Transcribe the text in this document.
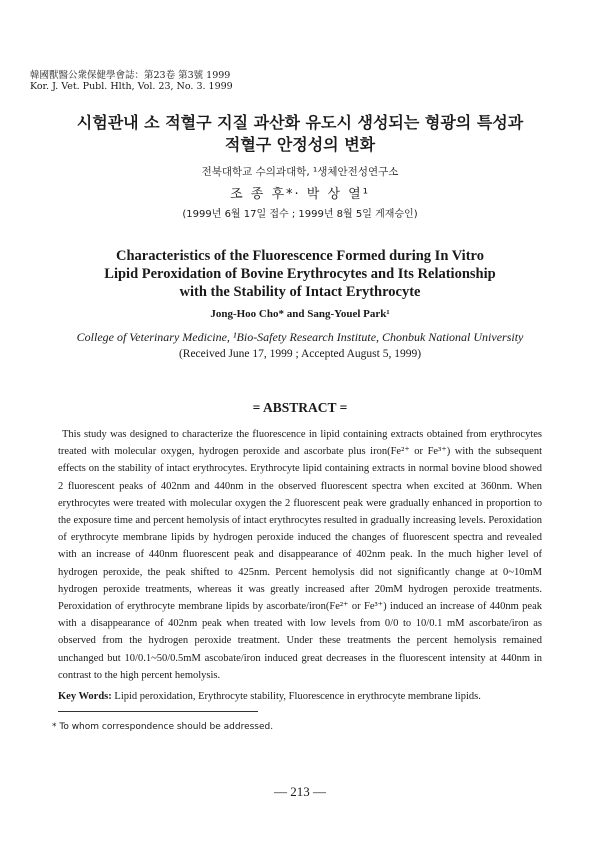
韓國獸醫公衆保健學會誌：第23卷 第3號 1999
Kor. J. Vet. Publ. Hlth, Vol. 23, No. 3. 1999
시험관내 소 적혈구 지질 과산화 유도시 생성되는 형광의 특성과
적혈구 안정성의 변화
전북대학교 수의과대학, ¹생체안전성연구소
조 종 후*· 박 상 열¹
(1999년 6월 17일 접수 ; 1999년 8월 5일 게재승인)
Characteristics of the Fluorescence Formed during In Vitro
Lipid Peroxidation of Bovine Erythrocytes and Its Relationship
with the Stability of Intact Erythrocyte
Jong-Hoo Cho* and Sang-Youel Park¹
College of Veterinary Medicine, ¹Bio-Safety Research Institute, Chonbuk National University
(Received June 17, 1999 ; Accepted August 5, 1999)
= ABSTRACT =
This study was designed to characterize the fluorescence in lipid containing extracts obtained from erythrocytes treated with molecular oxygen, hydrogen peroxide and ascorbate plus iron(Fe²⁺ or Fe³⁺) with the subsequent effects on the stability of intact erythrocytes. Erythrocyte lipid containing extracts in normal bovine blood showed 2 fluorescent peaks of 402nm and 440nm in the observed fluorescent spectra when excited at 360nm. When erythrocytes were treated with molecular oxygen the 2 fluorescent peak were gradually enhanced in proportion to the exposure time and percent hemolysis of intact erythrocytes resulted in gradually increasing levels. Peroxidation of erythrocyte membrane lipids by hydrogen peroxide induced the changes of fluorescent spectra and revealed with an increase of 440nm fluorescent peak and disappearance of 402nm peak. In the much higher level of hydrogen peroxide, the peak shifted to 425nm. Percent hemolysis did not significantly change at 0~10mM hydrogen peroxide treatments, whereas it was greatly increased after 20mM hydrogen peroxide treatments. Peroxidation of erythrocyte membrane lipids by ascorbate/iron(Fe²⁺ or Fe³⁺) induced an increase of 440nm peak with a disappearance of 402nm peak when treated with low levels from 0/0 to 10/0.1 mM ascorbate/iron as observed from the hydrogen peroxide treatment. Under these treatments the percent hemolysis remained unchanged but 10/0.1~50/0.5mM ascobate/iron induced great decreases in the fluorescent intensity at 440nm in contrast to the high percent hemolysis.
Key Words: Lipid peroxidation, Erythrocyte stability, Fluorescence in erythrocyte membrane lipids.
* To whom correspondence should be addressed.
— 213 —
